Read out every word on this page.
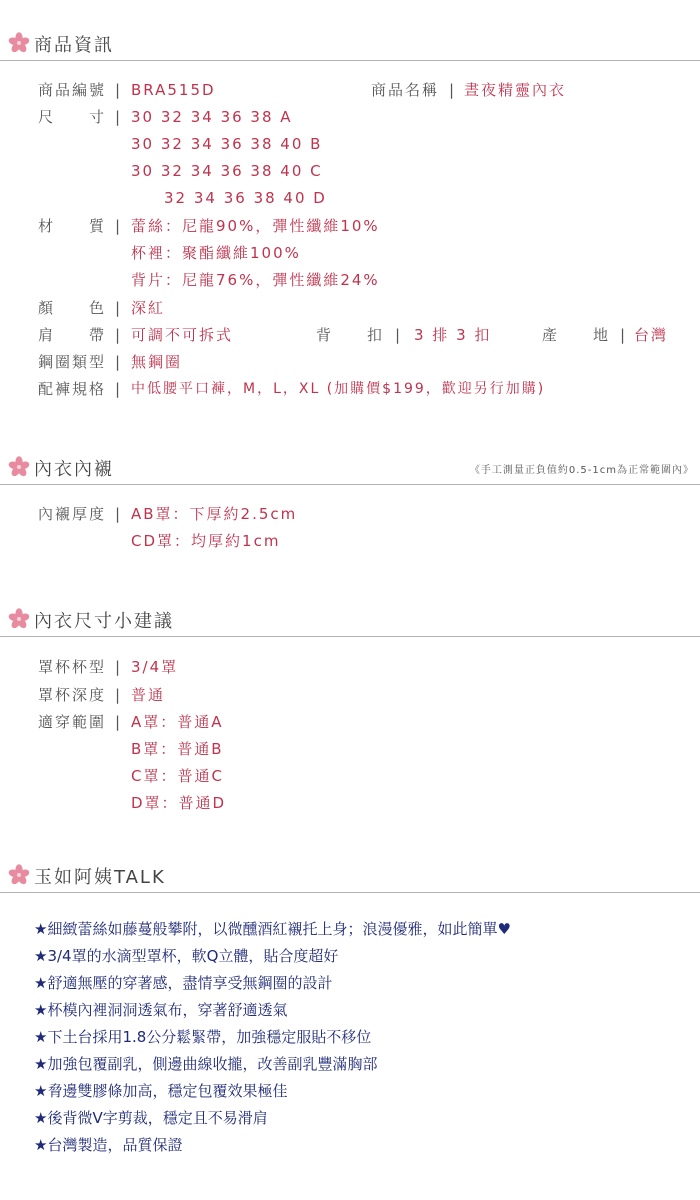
商品資訊
商品編號 | BRA515D	商品名稱 | 晝夜精靈內衣
尺　　寸 | 30 32 34 36 38 A
30 32 34 36 38 40 B
30 32 34 36 38 40 C
32 34 36 38 40 D
材　　質 | 蕾絲：尼龍90%，彈性纖維10%
杯裡：聚酯纖維100%
背片：尼龍76%，彈性纖維24%
顏　　色 | 深紅
肩　　帶 | 可調不可拆式	背　　扣 | 3 排 3 扣	產　　地 | 台灣
鋼圈類型 | 無鋼圈
配褲規格 | 中低腰平口褲，M，L，XL (加購價$199，歡迎另行加購)
內衣內襯	《手工測量正負值約0.5-1cm為正常範圍內》
內襯厚度 | AB罩：下厚約2.5cm
CD罩：均厚約1cm
內衣尺寸小建議
罩杯杯型 | 3/4罩
罩杯深度 | 普通
適穿範圍 | A罩：普通A
B罩：普通B
C罩：普通C
D罩：普通D
玉如阿姨TALK
★細緻蕾絲如藤蔓般攀附，以微醺酒紅襯托上身；浪漫優雅，如此簡單♥
★3/4罩的水滴型罩杯，軟Q立體，貼合度超好
★舒適無壓的穿著感，盡情享受無鋼圈的設計
★杯模內裡洞洞透氣布，穿著舒適透氣
★下土台採用1.8公分鬆緊帶，加強穩定服貼不移位
★加強包覆副乳，側邊曲線收攏，改善副乳豐滿胸部
★脅邊雙膠條加高，穩定包覆效果極佳
★後背微V字剪裁，穩定且不易滑肩
★台灣製造，品質保證
